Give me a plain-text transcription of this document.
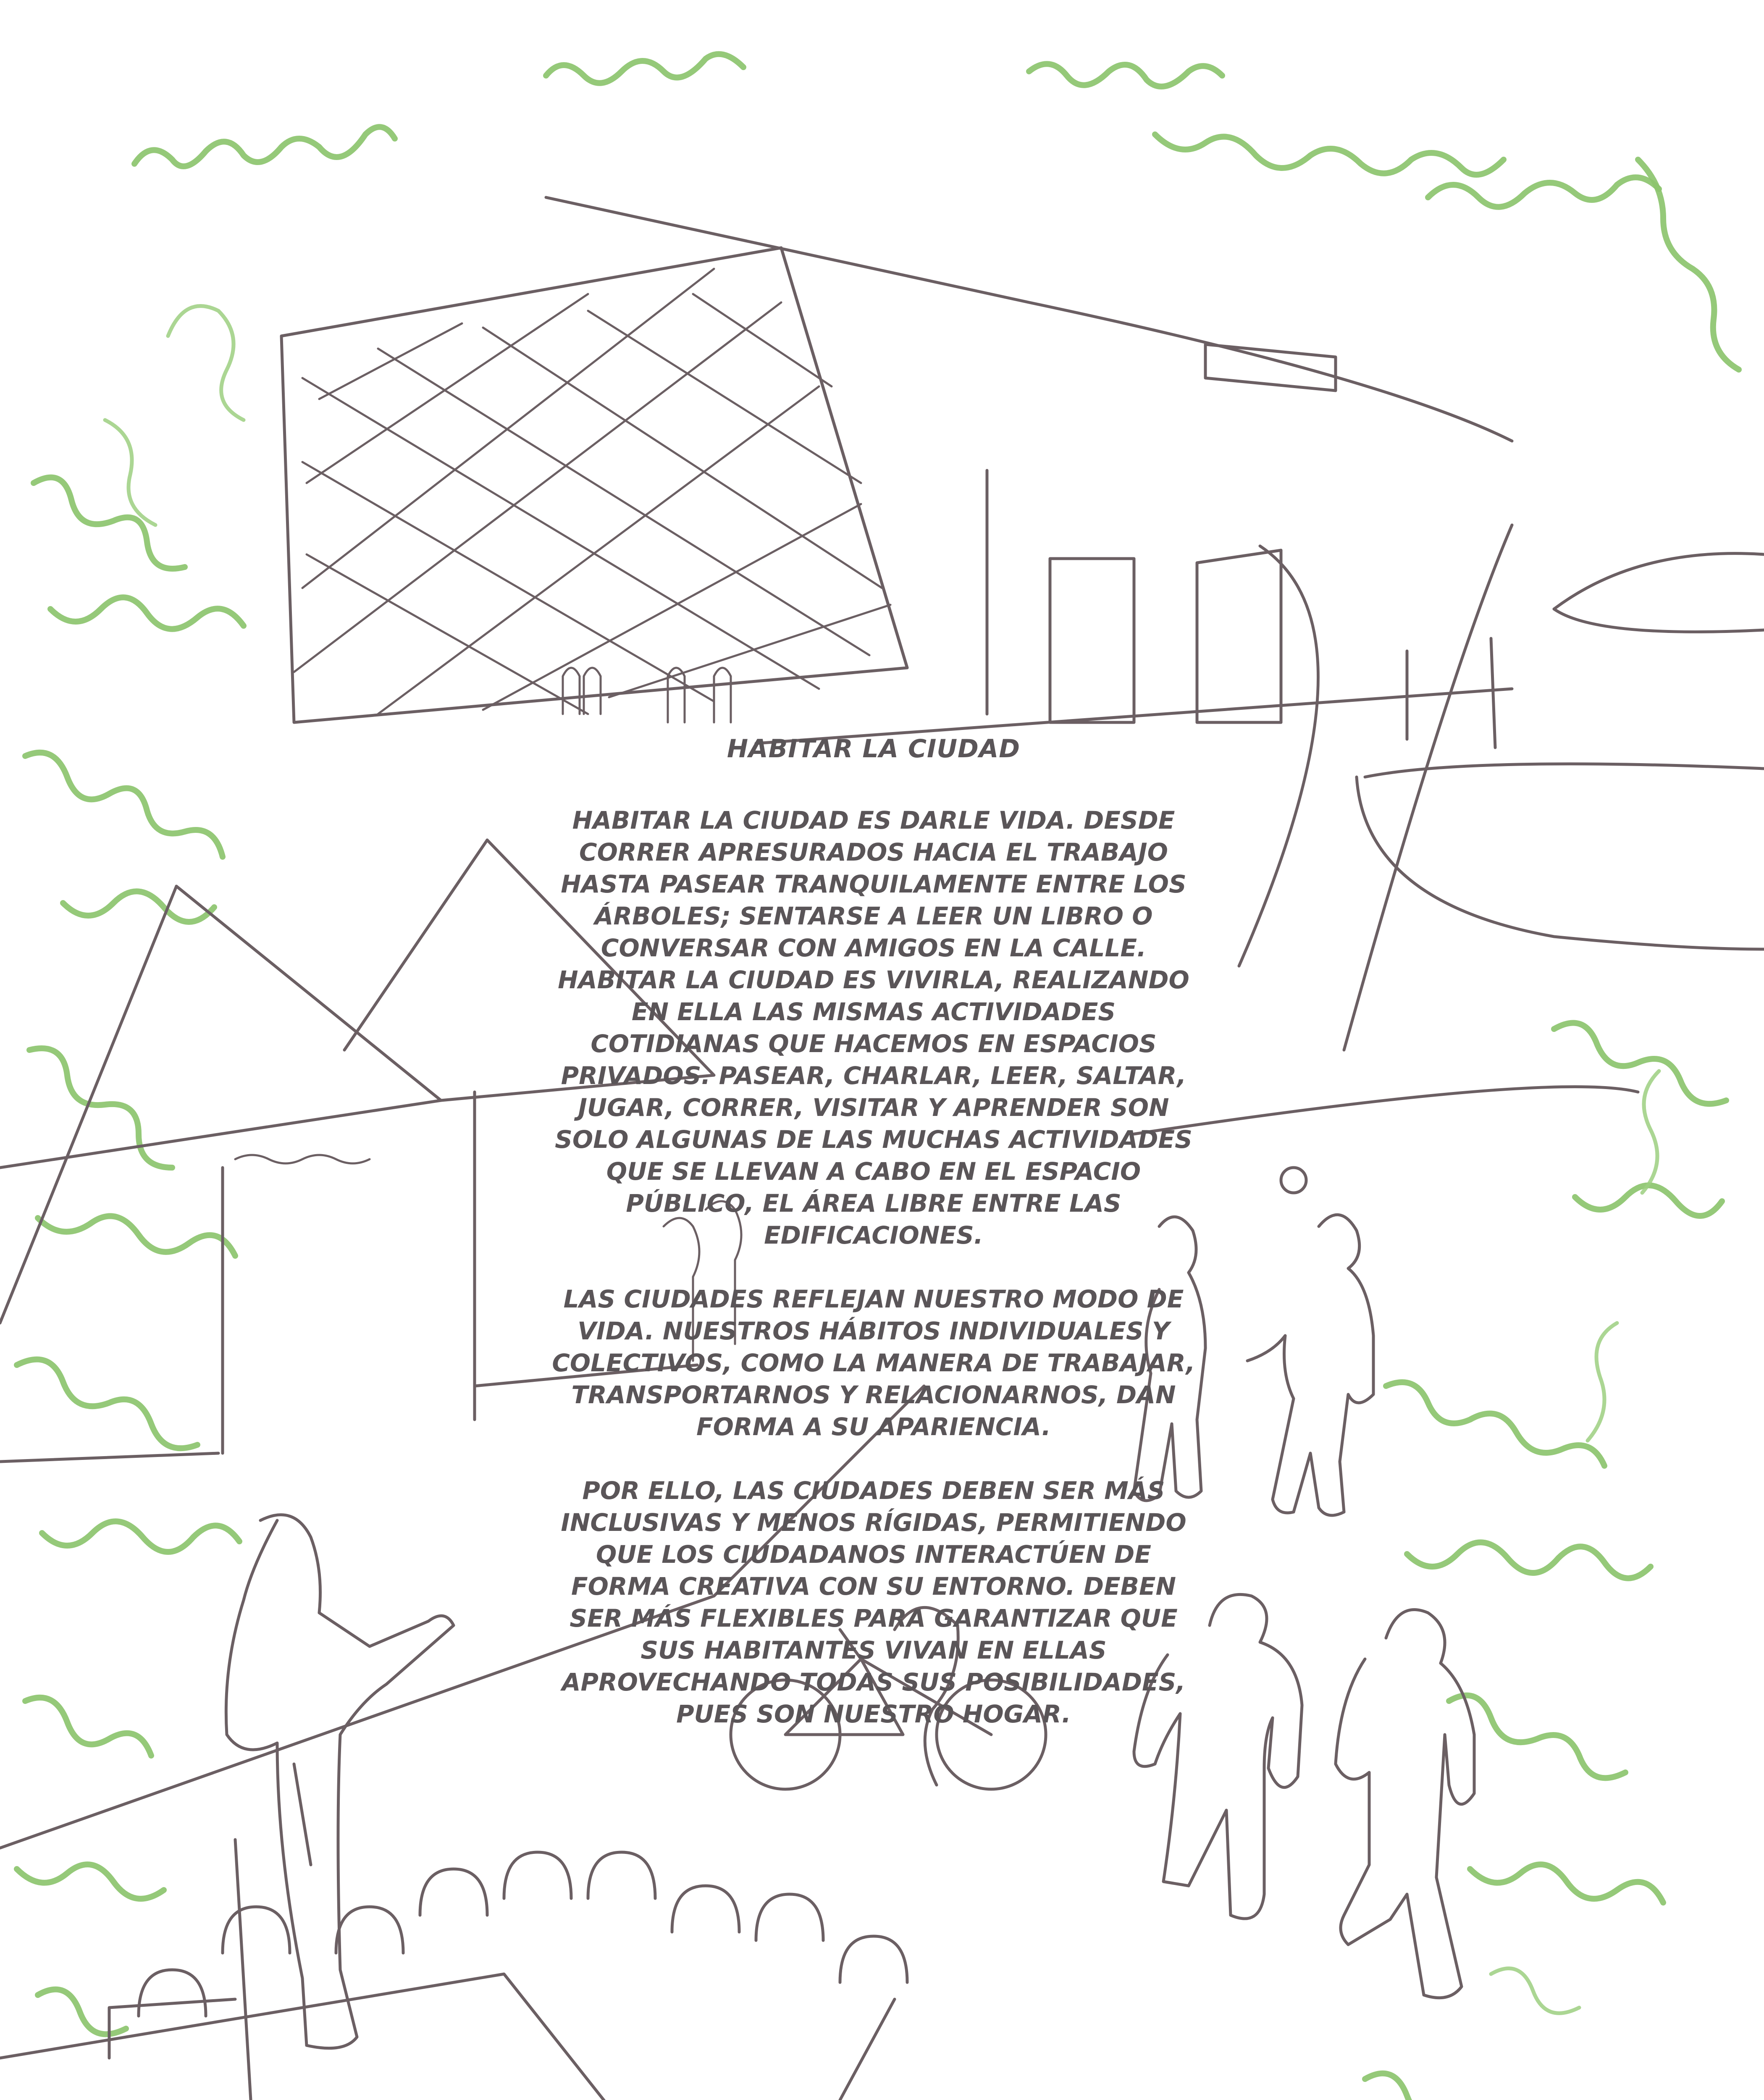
HABITAR LA CIUDAD
HABITAR LA CIUDAD ES DARLE VIDA. DESDE CORRER APRESURADOS HACIA EL TRABAJO HASTA PASEAR TRANQUILAMENTE ENTRE LOS ÁRBOLES; SENTARSE A LEER UN LIBRO O CONVERSAR CON AMIGOS EN LA CALLE. HABITAR LA CIUDAD ES VIVIRLA, REALIZANDO EN ELLA LAS MISMAS ACTIVIDADES COTIDIANAS QUE HACEMOS EN ESPACIOS PRIVADOS. PASEAR, CHARLAR, LEER, SALTAR, JUGAR, CORRER, VISITAR Y APRENDER SON SOLO ALGUNAS DE LAS MUCHAS ACTIVIDADES QUE SE LLEVAN A CABO EN EL ESPACIO PÚBLICO, EL ÁREA LIBRE ENTRE LAS EDIFICACIONES.
LAS CIUDADES REFLEJAN NUESTRO MODO DE VIDA. NUESTROS HÁBITOS INDIVIDUALES Y COLECTIVOS, COMO LA MANERA DE TRABAJAR, TRANSPORTARNOS Y RELACIONARNOS, DAN FORMA A SU APARIENCIA.
POR ELLO, LAS CIUDADES DEBEN SER MÁS INCLUSIVAS Y MENOS RÍGIDAS, PERMITIENDO QUE LOS CIUDADANOS INTERACTÚEN DE FORMA CREATIVA CON SU ENTORNO. DEBEN SER MÁS FLEXIBLES PARA GARANTIZAR QUE SUS HABITANTES VIVAN EN ELLAS APROVECHANDO TODAS SUS POSIBILIDADES, PUES SON NUESTRO HOGAR.
